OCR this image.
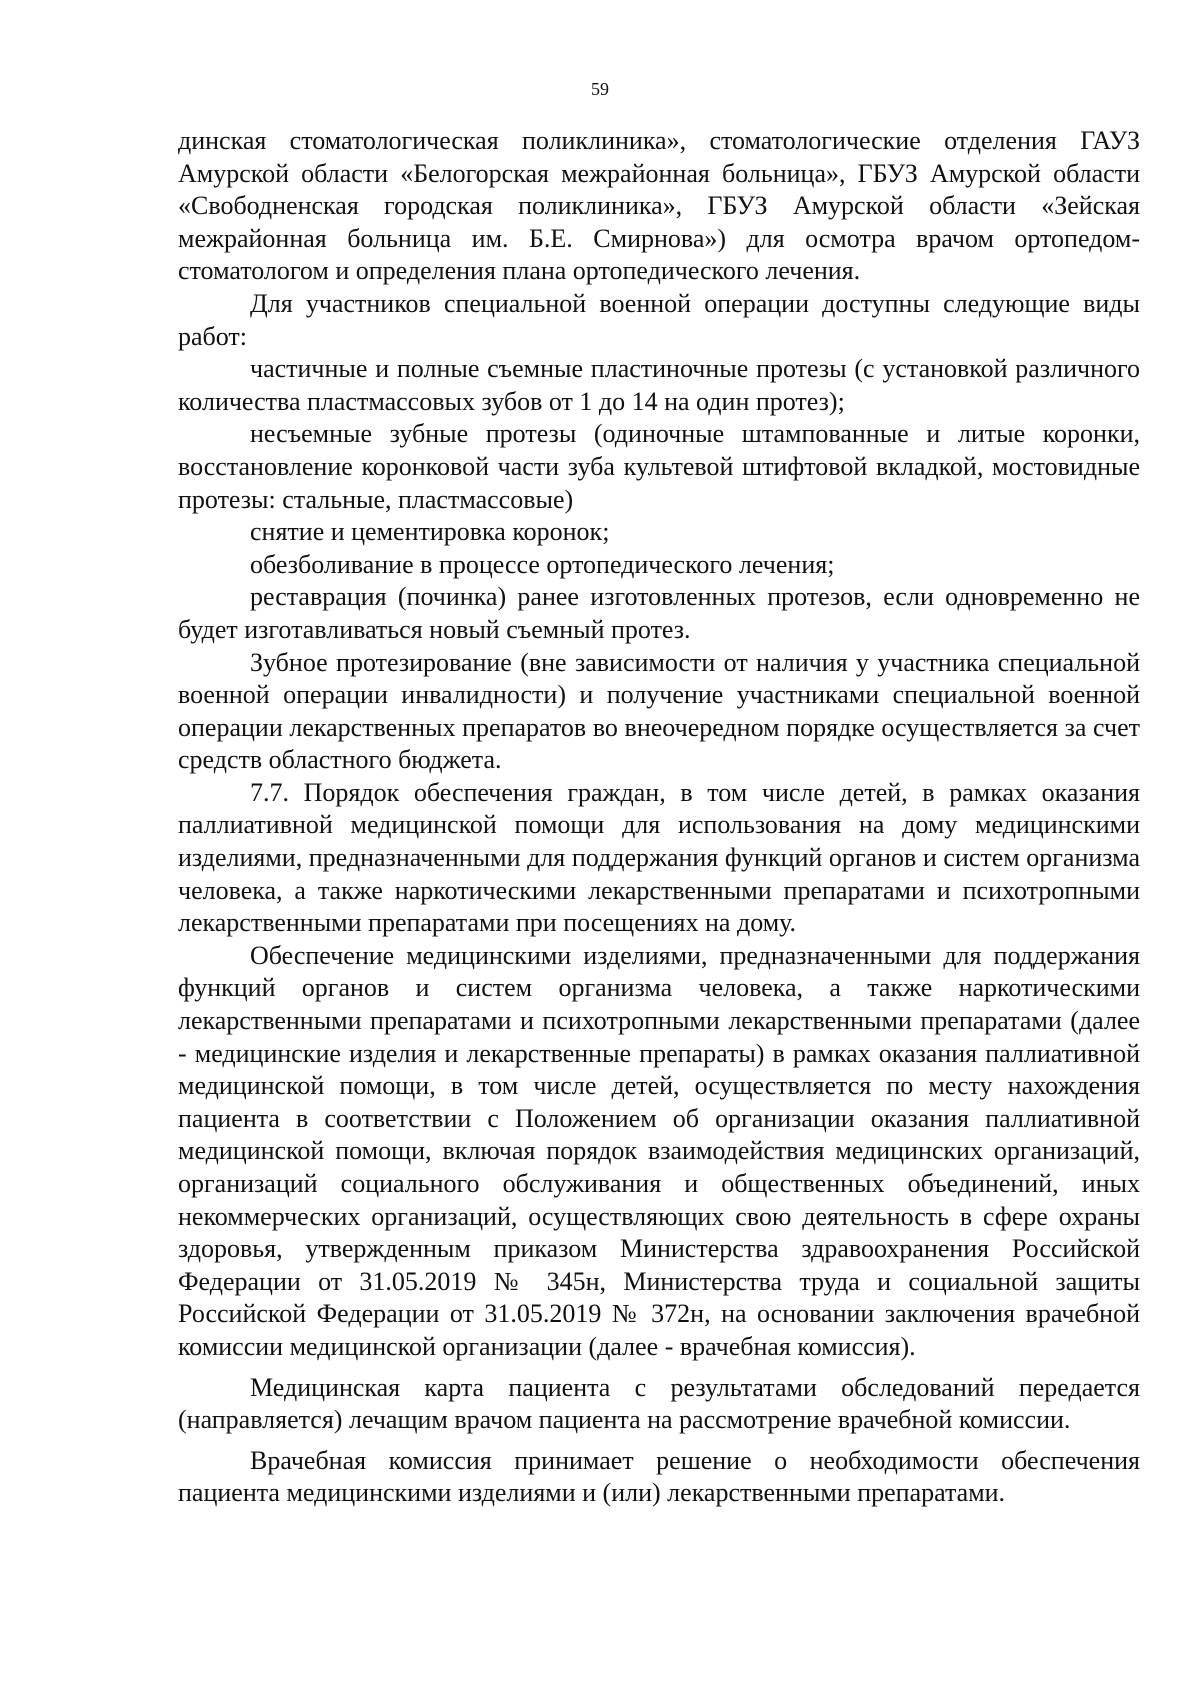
59

динская стоматологическая поликлиника», стоматологические отделения ГАУЗ Амурской области «Белогорская межрайонная больница», ГБУЗ Амурской области «Свободненская городская поликлиника», ГБУЗ Амурской области «Зейская межрайонная больница им. Б.Е. Смирнова») для осмотра врачом ортопедом-стоматологом и определения плана ортопедического лечения.

Для участников специальной военной операции доступны следующие виды работ:

частичные и полные съемные пластиночные протезы (с установкой различного количества пластмассовых зубов от 1 до 14 на один протез);

несъемные зубные протезы (одиночные штампованные и литые коронки, восстановление коронковой части зуба культевой штифтовой вкладкой, мостовидные протезы: стальные, пластмассовые)

снятие и цементировка коронок;

обезболивание в процессе ортопедического лечения;

реставрация (починка) ранее изготовленных протезов, если одновременно не будет изготавливаться новый съемный протез.

Зубное протезирование (вне зависимости от наличия у участника специальной военной операции инвалидности) и получение участниками специальной военной операции лекарственных препаратов во внеочередном порядке осуществляется за счет средств областного бюджета.

7.7. Порядок обеспечения граждан, в том числе детей, в рамках оказания паллиативной медицинской помощи для использования на дому медицинскими изделиями, предназначенными для поддержания функций органов и систем организма человека, а также наркотическими лекарственными препаратами и психотропными лекарственными препаратами при посещениях на дому.

Обеспечение медицинскими изделиями, предназначенными для поддержания функций органов и систем организма человека, а также наркотическими лекарственными препаратами и психотропными лекарственными препаратами (далее - медицинские изделия и лекарственные препараты) в рамках оказания паллиативной медицинской помощи, в том числе детей, осуществляется по месту нахождения пациента в соответствии с Положением об организации оказания паллиативной медицинской помощи, включая порядок взаимодействия медицинских организаций, организаций социального обслуживания и общественных объединений, иных некоммерческих организаций, осуществляющих свою деятельность в сфере охраны здоровья, утвержденным приказом Министерства здравоохранения Российской Федерации от 31.05.2019 № 345н, Министерства труда и социальной защиты Российской Федерации от 31.05.2019 № 372н, на основании заключения врачебной комиссии медицинской организации (далее - врачебная комиссия).

Медицинская карта пациента с результатами обследований передается (направляется) лечащим врачом пациента на рассмотрение врачебной комиссии.

Врачебная комиссия принимает решение о необходимости обеспечения пациента медицинскими изделиями и (или) лекарственными препаратами.
